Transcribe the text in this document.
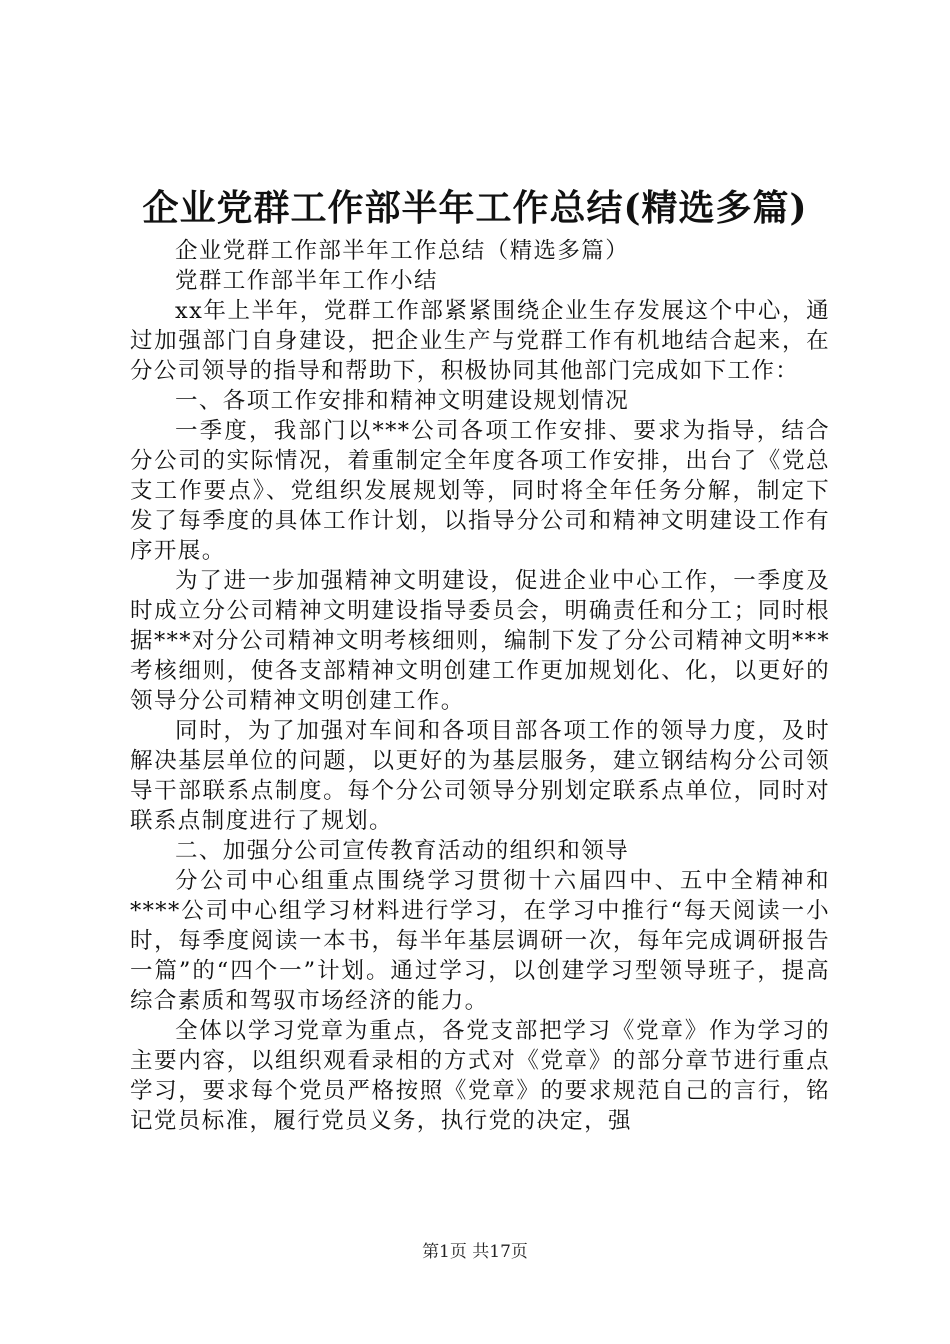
企业党群工作部半年工作总结(精选多篇)

企业党群工作部半年工作总结（精选多篇）

党群工作部半年工作小结

xx年上半年，党群工作部紧紧围绕企业生存发展这个中心，通过加强部门自身建设，把企业生产与党群工作有机地结合起来，在分公司领导的指导和帮助下，积极协同其他部门完成如下工作：

一、各项工作安排和精神文明建设规划情况

一季度，我部门以***公司各项工作安排、要求为指导，结合分公司的实际情况，着重制定全年度各项工作安排，出台了《党总支工作要点》、党组织发展规划等，同时将全年任务分解，制定下发了每季度的具体工作计划，以指导分公司和精神文明建设工作有序开展。

为了进一步加强精神文明建设，促进企业中心工作，一季度及时成立分公司精神文明建设指导委员会，明确责任和分工；同时根据***对分公司精神文明考核细则，编制下发了分公司精神文明***考核细则，使各支部精神文明创建工作更加规划化、化，以更好的领导分公司精神文明创建工作。

同时，为了加强对车间和各项目部各项工作的领导力度，及时解决基层单位的问题，以更好的为基层服务，建立钢结构分公司领导干部联系点制度。每个分公司领导分别划定联系点单位，同时对联系点制度进行了规划。

二、加强分公司宣传教育活动的组织和领导

分公司中心组重点围绕学习贯彻十六届四中、五中全精神和****公司中心组学习材料进行学习，在学习中推行“每天阅读一小时，每季度阅读一本书，每半年基层调研一次，每年完成调研报告一篇”的“四个一”计划。通过学习，以创建学习型领导班子，提高综合素质和驾驭市场经济的能力。

全体以学习党章为重点，各党支部把学习《党章》作为学习的主要内容，以组织观看录相的方式对《党章》的部分章节进行重点学习，要求每个党员严格按照《党章》的要求规范自己的言行，铭记党员标准，履行党员义务，执行党的决定，强

第1页 共17页
